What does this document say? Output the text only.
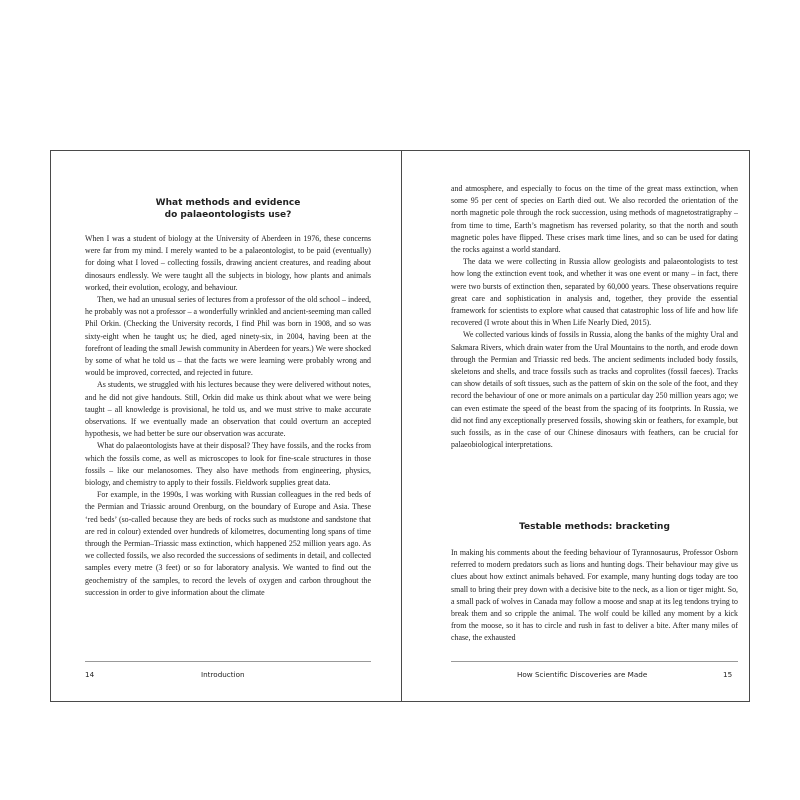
What methods and evidence
do palaeontologists use?

When I was a student of biology at the University of Aberdeen in 1976, these concerns were far from my mind. I merely wanted to be a palaeontologist, to be paid (eventually) for doing what I loved – collecting fossils, drawing ancient creatures, and reading about dinosaurs endlessly. We were taught all the subjects in biology, how plants and animals worked, their evolution, ecology, and behaviour.

Then, we had an unusual series of lectures from a professor of the old school – indeed, he probably was not a professor – a wonderfully wrinkled and ancient-seeming man called Phil Orkin. (Checking the University records, I find Phil was born in 1908, and so was sixty-eight when he taught us; he died, aged ninety-six, in 2004, having been at the forefront of leading the small Jewish community in Aberdeen for years.) We were shocked by some of what he told us – that the facts we were learning were probably wrong and would be improved, corrected, and rejected in future.

As students, we struggled with his lectures because they were delivered without notes, and he did not give handouts. Still, Orkin did make us think about what we were being taught – all knowledge is provisional, he told us, and we must strive to make accurate observations. If we eventually made an observation that could overturn an accepted hypothesis, we had better be sure our observation was accurate.

What do palaeontologists have at their disposal? They have fossils, and the rocks from which the fossils come, as well as microscopes to look for fine-scale structures in those fossils – like our melanosomes. They also have methods from engineering, physics, biology, and chemistry to apply to their fossils. Fieldwork supplies great data.

For example, in the 1990s, I was working with Russian colleagues in the red beds of the Permian and Triassic around Orenburg, on the boundary of Europe and Asia. These ‘red beds’ (so-called because they are beds of rocks such as mudstone and sandstone that are red in colour) extended over hundreds of kilometres, documenting long spans of time through the Permian–Triassic mass extinction, which happened 252 million years ago. As we collected fossils, we also recorded the successions of sediments in detail, and collected samples every metre (3 feet) or so for laboratory analysis. We wanted to find out the geochemistry of the samples, to record the levels of oxygen and carbon throughout the succession in order to give information about the climate

14	Introduction

and atmosphere, and especially to focus on the time of the great mass extinction, when some 95 per cent of species on Earth died out. We also recorded the orientation of the north magnetic pole through the rock succession, using methods of magnetostratigraphy – from time to time, Earth’s magnetism has reversed polarity, so that the north and south magnetic poles have flipped. These crises mark time lines, and so can be used for dating the rocks against a world standard.

The data we were collecting in Russia allow geologists and palaeontologists to test how long the extinction event took, and whether it was one event or many – in fact, there were two bursts of extinction then, separated by 60,000 years. These observations require great care and sophistication in analysis and, together, they provide the essential framework for scientists to explore what caused that catastrophic loss of life and how life recovered (I wrote about this in When Life Nearly Died, 2015).

We collected various kinds of fossils in Russia, along the banks of the mighty Ural and Sakmara Rivers, which drain water from the Ural Mountains to the north, and erode down through the Permian and Triassic red beds. The ancient sediments included body fossils, skeletons and shells, and trace fossils such as tracks and coprolites (fossil faeces). Tracks can show details of soft tissues, such as the pattern of skin on the sole of the foot, and they record the behaviour of one or more animals on a particular day 250 million years ago; we can even estimate the speed of the beast from the spacing of its footprints. In Russia, we did not find any exceptionally preserved fossils, showing skin or feathers, for example, but such fossils, as in the case of our Chinese dinosaurs with feathers, can be crucial for palaeobiological interpretations.

Testable methods: bracketing

In making his comments about the feeding behaviour of Tyrannosaurus, Professor Osborn referred to modern predators such as lions and hunting dogs. Their behaviour may give us clues about how extinct animals behaved. For example, many hunting dogs today are too small to bring their prey down with a decisive bite to the neck, as a lion or tiger might. So, a small pack of wolves in Canada may follow a moose and snap at its leg tendons trying to break them and so cripple the animal. The wolf could be killed any moment by a kick from the moose, so it has to circle and rush in fast to deliver a bite. After many miles of chase, the exhausted

How Scientific Discoveries are Made	15
